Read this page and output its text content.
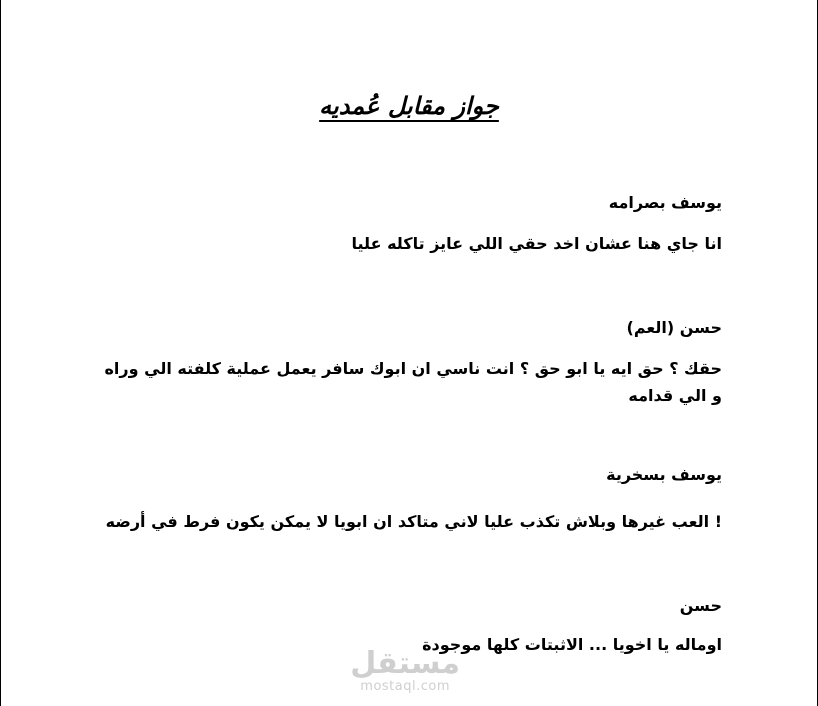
جواز مقابل عُمديه
يوسف بصرامه
انا جاي هنا عشان اخد حقي اللي عايز تاكله عليا
حسن (العم)
حقك ؟ حق ايه يا ابو حق ؟ انت ناسي ان ابوك سافر يعمل عملية كلفته الي وراه و الي قدامه
يوسف بسخرية
! العب غيرها وبلاش تكذب عليا لاني متاكد ان ابويا لا يمكن يكون فرط في أرضه
حسن
اوماله يا اخويا ... الاثبتات كلها موجودة
مستقل
mostaql.com
